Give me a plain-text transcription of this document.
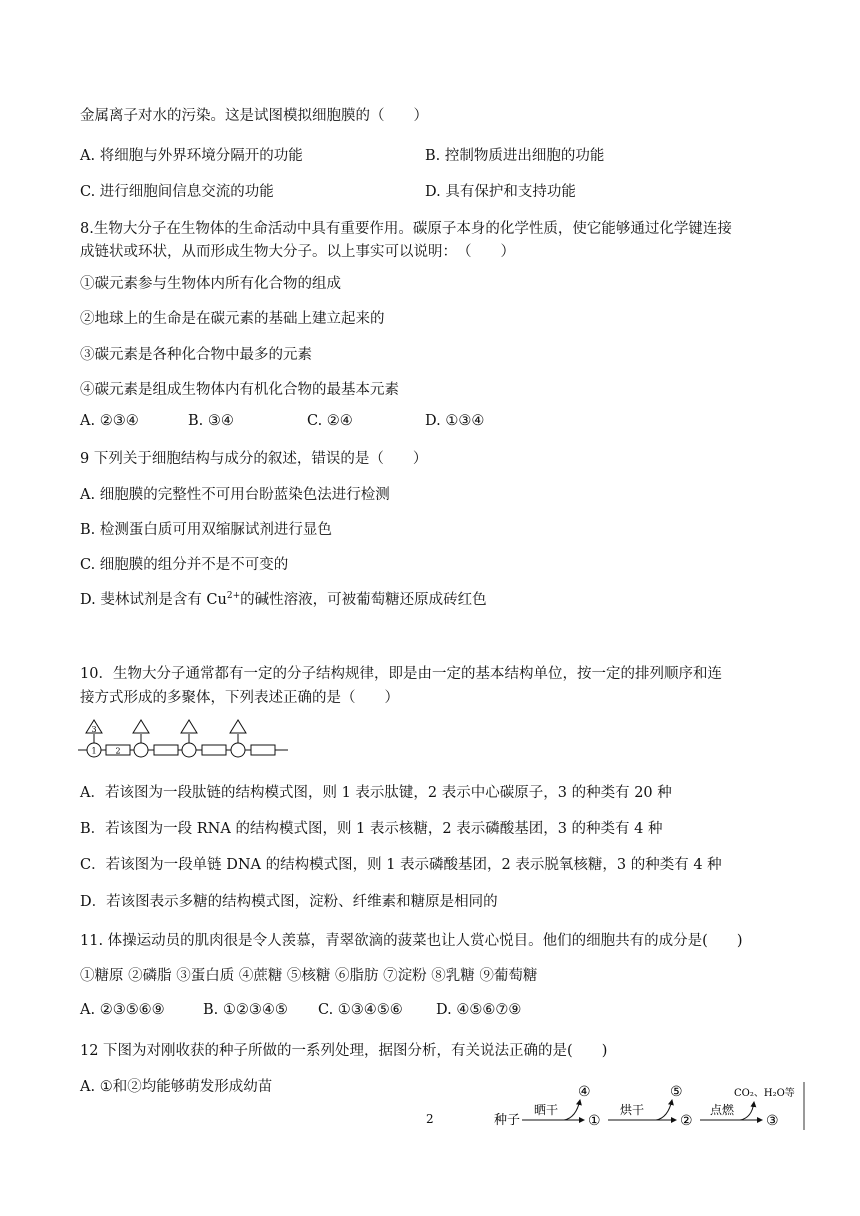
金属离子对水的污染。这是试图模拟细胞膜的（　　）
A. 将细胞与外界环境分隔开的功能	B. 控制物质进出细胞的功能
C. 进行细胞间信息交流的功能	D. 具有保护和支持功能
8.生物大分子在生物体的生命活动中具有重要作用。碳原子本身的化学性质，使它能够通过化学键连接
成链状或环状，从而形成生物大分子。以上事实可以说明：　（　　）
①碳元素参与生物体内所有化合物的组成
②地球上的生命是在碳元素的基础上建立起来的
③碳元素是各种化合物中最多的元素
④碳元素是组成生物体内有机化合物的最基本元素
A. ②③④	B. ③④	C. ②④	D. ①③④
9 下列关于细胞结构与成分的叙述，错误的是（　　）
A. 细胞膜的完整性不可用台盼蓝染色法进行检测
B. 检测蛋白质可用双缩脲试剂进行显色
C. 细胞膜的组分并不是不可变的
D. 斐林试剂是含有 $Cu^{2+}$的碱性溶液，可被葡萄糖还原成砖红色
10．生物大分子通常都有一定的分子结构规律，即是由一定的基本结构单位，按一定的排列顺序和连
接方式形成的多聚体，下列表述正确的是（　　）
3
1 2
A．若该图为一段肽链的结构模式图，则 1 表示肽键，2 表示中心碳原子，3 的种类有 20 种
B．若该图为一段 RNA 的结构模式图，则 1 表示核糖，2 表示磷酸基团，3 的种类有 4 种
C．若该图为一段单链 DNA 的结构模式图，则 1 表示磷酸基团，2 表示脱氧核糖，3 的种类有 4 种
D．若该图表示多糖的结构模式图，淀粉、纤维素和糖原是相同的
11. 体操运动员的肌肉很是令人羡慕，青翠欲滴的菠菜也让人赏心悦目。他们的细胞共有的成分是(　　)
①糖原 ②磷脂 ③蛋白质 ④蔗糖 ⑤核糖 ⑥脂肪 ⑦淀粉 ⑧乳糖 ⑨葡萄糖
A. ②③⑤⑥⑨	B. ①②③④⑤ C. ①③④⑤⑥ D. ④⑤⑥⑦⑨
12 下图为对刚收获的种子所做的一系列处理，据图分析，有关说法正确的是(　　)
A. ①和②均能够萌发形成幼苗
种子
晒干
④
①
烘干
⑤
②
点燃
CO₂、H₂O等
③
2
